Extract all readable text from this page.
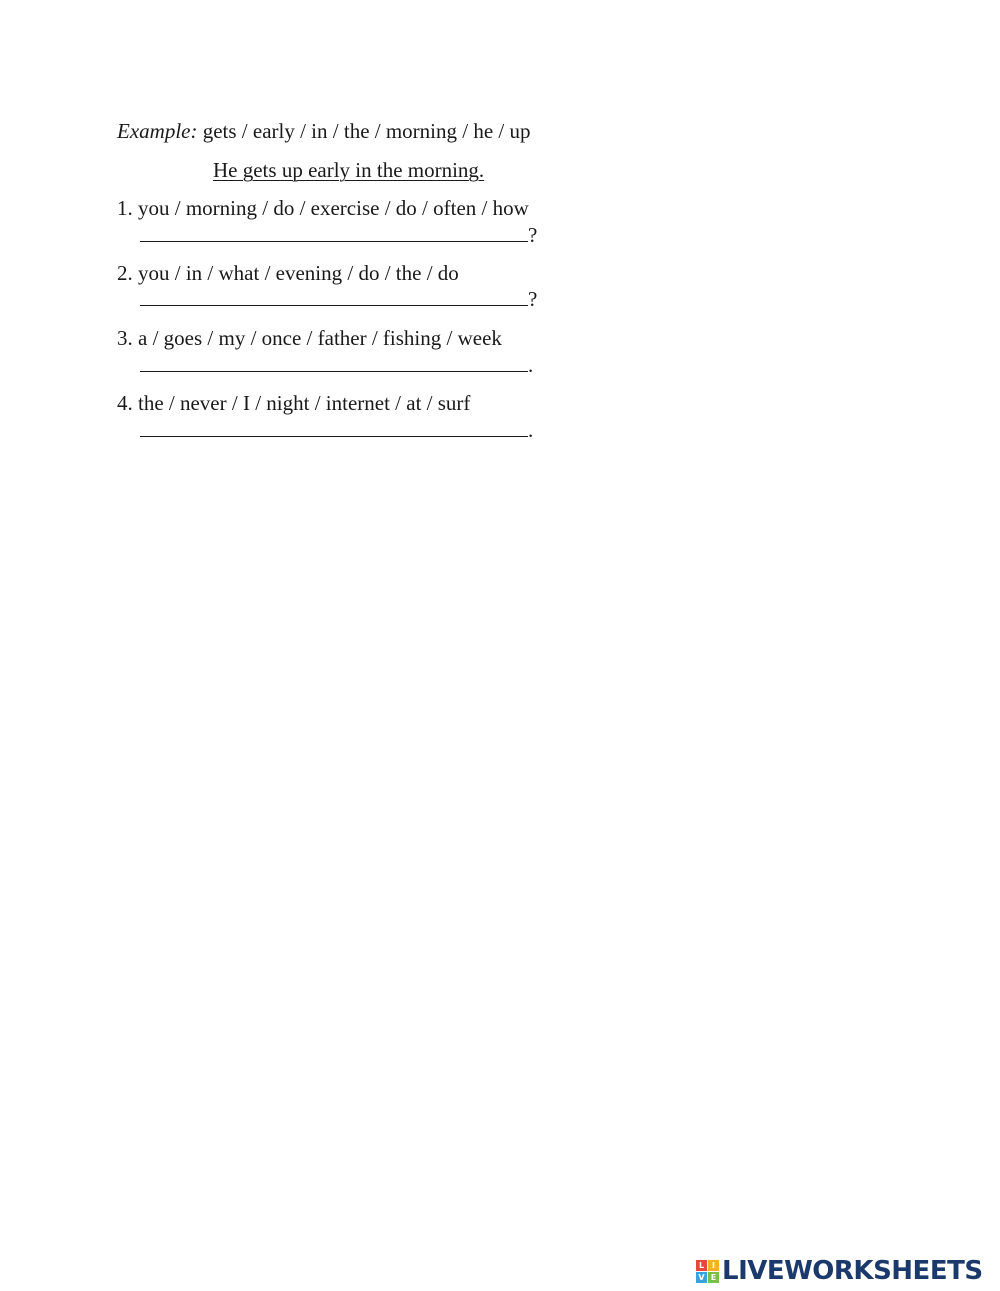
Example: gets / early / in / the / morning / he / up
He gets up early in the morning.
1. you / morning / do / exercise / do / often / how
?
2. you / in / what / evening / do / the / do
?
3. a / goes / my / once / father / fishing / week
.
4. the / never / I / night / internet / at / surf
.
L I
V E LIVEWORKSHEETS
